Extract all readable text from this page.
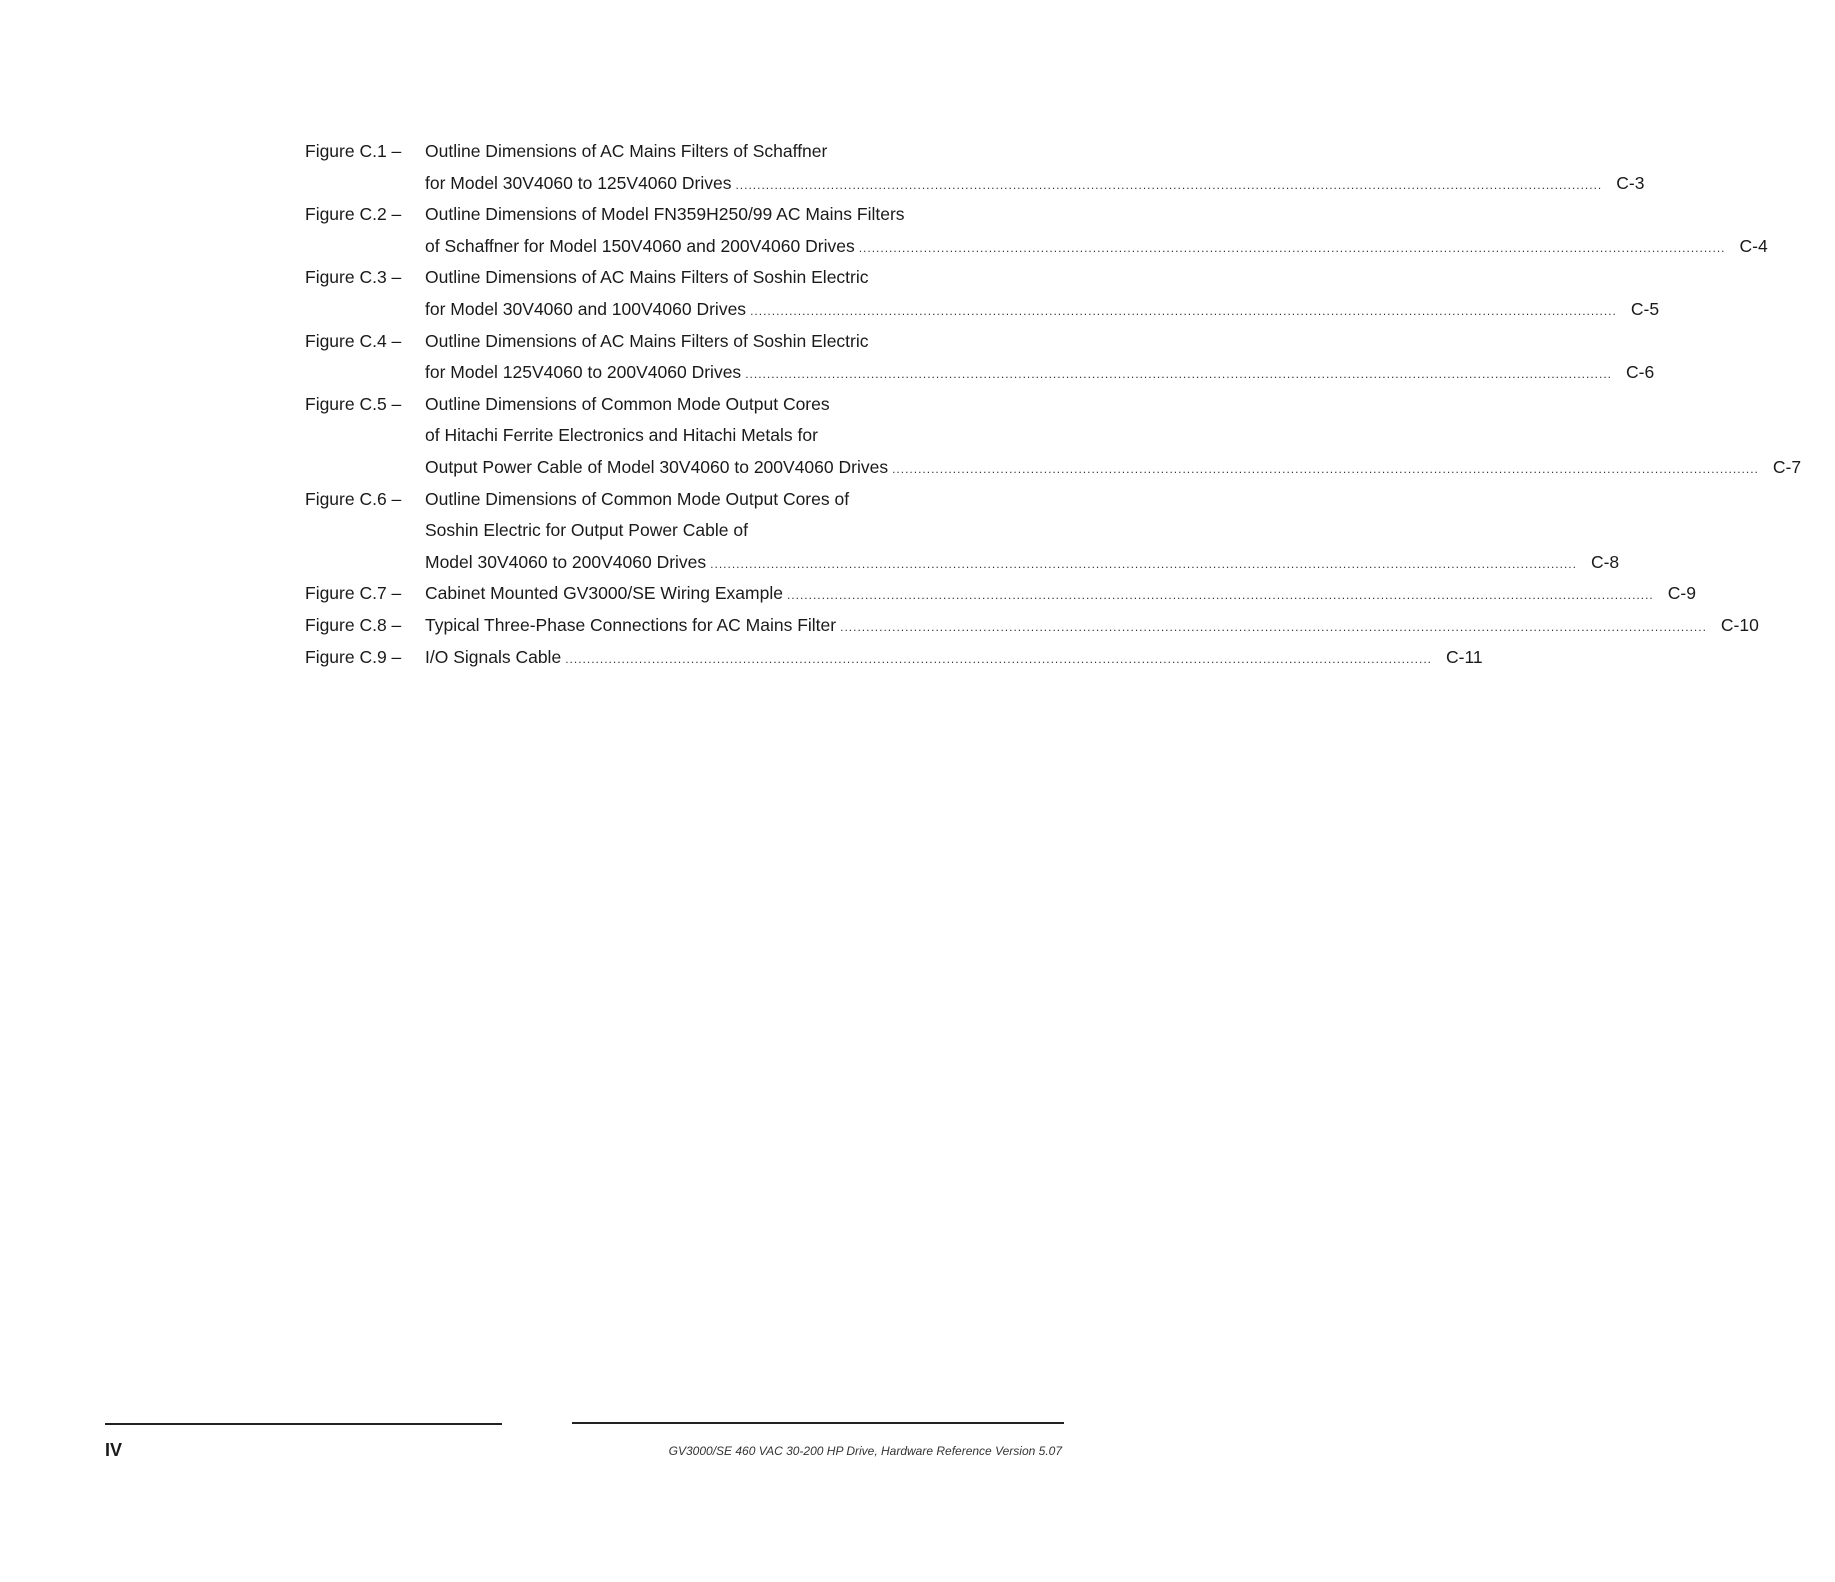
Figure C.1 – Outline Dimensions of AC Mains Filters of Schaffner
for Model 30V4060 to 125V4060 Drives ........................................................................................................................................................................................................ C-3
Figure C.2 – Outline Dimensions of Model FN359H250/99 AC Mains Filters
of Schaffner for Model 150V4060 and 200V4060 Drives ........................................................................................................................................................................................................ C-4
Figure C.3 – Outline Dimensions of AC Mains Filters of Soshin Electric
for Model 30V4060 and 100V4060 Drives ........................................................................................................................................................................................................ C-5
Figure C.4 – Outline Dimensions of AC Mains Filters of Soshin Electric
for Model 125V4060 to 200V4060 Drives ........................................................................................................................................................................................................ C-6
Figure C.5 – Outline Dimensions of Common Mode Output Cores
of Hitachi Ferrite Electronics and Hitachi Metals for
Output Power Cable of Model 30V4060 to 200V4060 Drives ........................................................................................................................................................................................................ C-7
Figure C.6 – Outline Dimensions of Common Mode Output Cores of
Soshin Electric for Output Power Cable of
Model 30V4060 to 200V4060 Drives ........................................................................................................................................................................................................ C-8
Figure C.7 – Cabinet Mounted GV3000/SE Wiring Example ........................................................................................................................................................................................................ C-9
Figure C.8 – Typical Three-Phase Connections for AC Mains Filter ........................................................................................................................................................................................................ C-10
Figure C.9 – I/O Signals Cable ........................................................................................................................................................................................................ C-11
IV	GV3000/SE 460 VAC 30-200 HP Drive, Hardware Reference Version 5.07
